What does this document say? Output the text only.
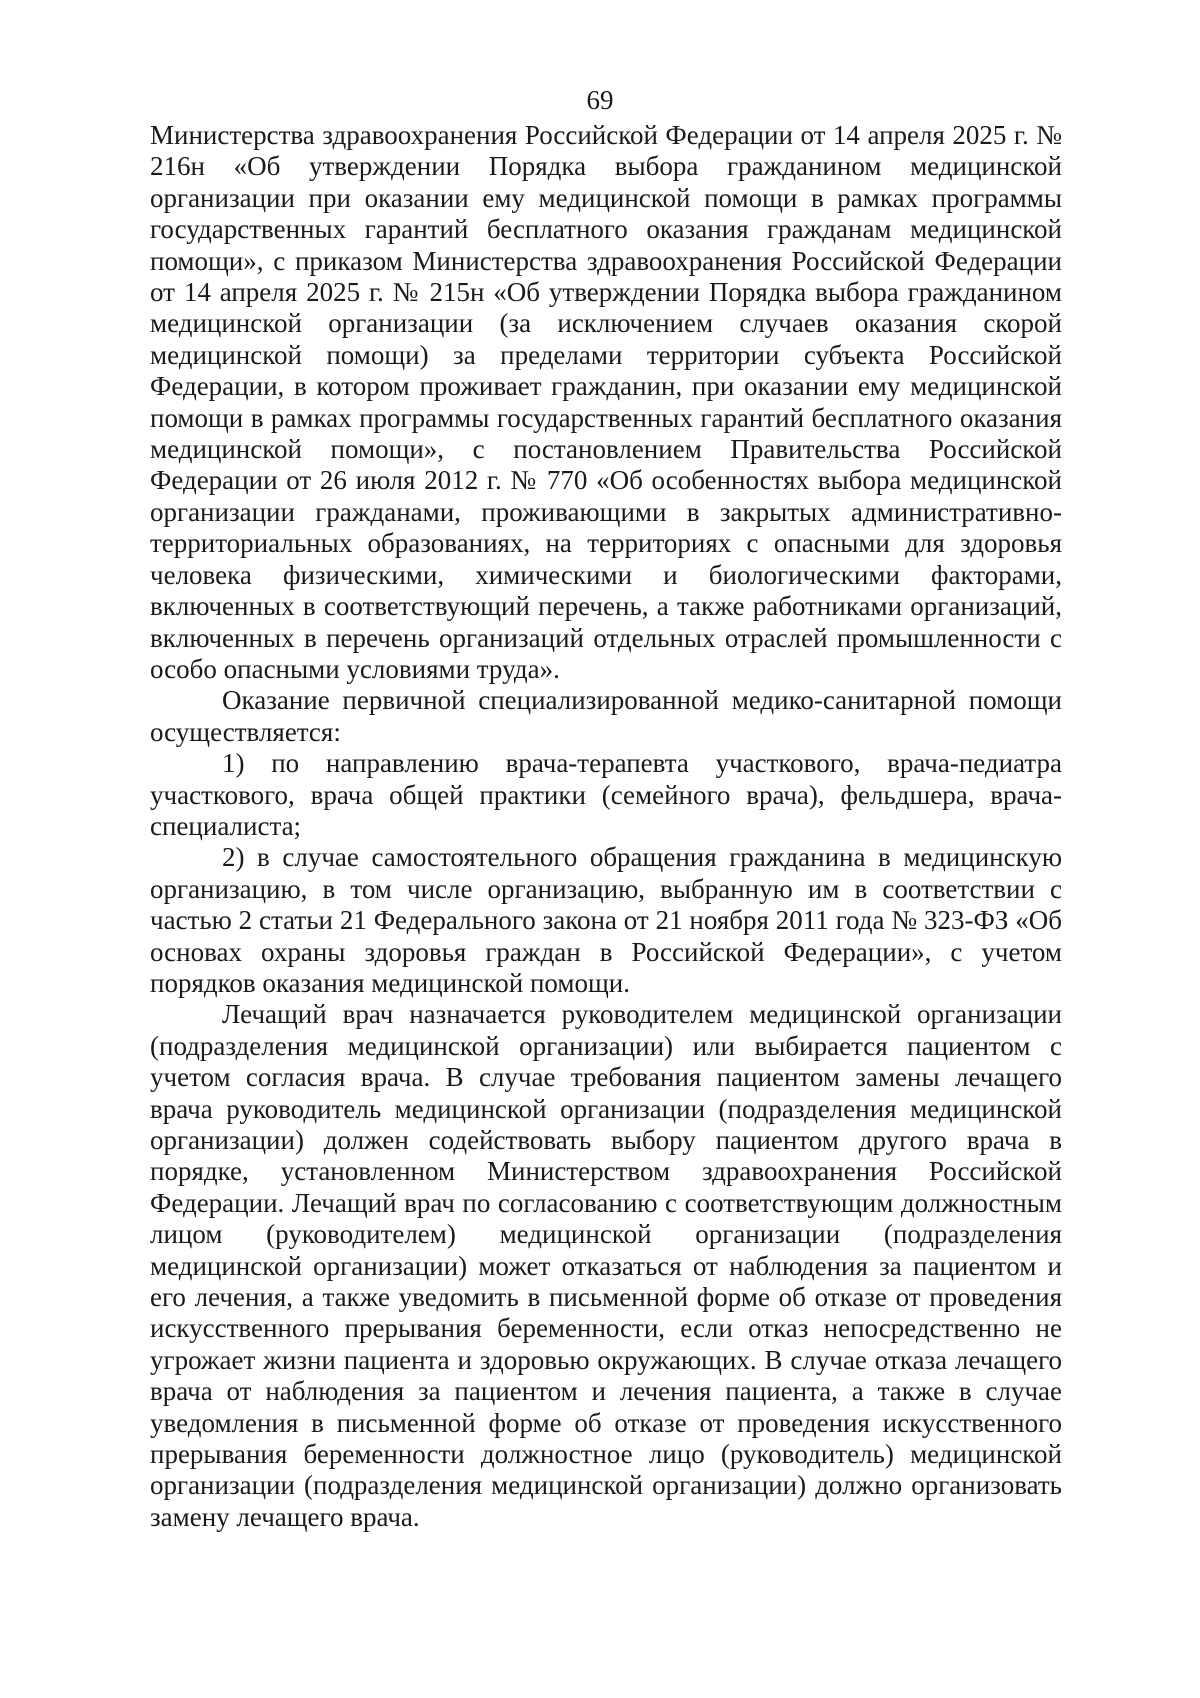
69

Министерства здравоохранения Российской Федерации от 14 апреля 2025 г. № 216н «Об утверждении Порядка выбора гражданином медицинской организации при оказании ему медицинской помощи в рамках программы государственных гарантий бесплатного оказания гражданам медицинской помощи», с приказом Министерства здравоохранения Российской Федерации от 14 апреля 2025 г. № 215н «Об утверждении Порядка выбора гражданином медицинской организации (за исключением случаев оказания скорой медицинской помощи) за пределами территории субъекта Российской Федерации, в котором проживает гражданин, при оказании ему медицинской помощи в рамках программы государственных гарантий бесплатного оказания медицинской помощи», с постановлением Правительства Российской Федерации от 26 июля 2012 г. № 770 «Об особенностях выбора медицинской организации гражданами, проживающими в закрытых административно-территориальных образованиях, на территориях с опасными для здоровья человека физическими, химическими и биологическими факторами, включенных в соответствующий перечень, а также работниками организаций, включенных в перечень организаций отдельных отраслей промышленности с особо опасными условиями труда».

Оказание первичной специализированной медико-санитарной помощи осуществляется:

1) по направлению врача-терапевта участкового, врача-педиатра участкового, врача общей практики (семейного врача), фельдшера, врача-специалиста;

2) в случае самостоятельного обращения гражданина в медицинскую организацию, в том числе организацию, выбранную им в соответствии с частью 2 статьи 21 Федерального закона от 21 ноября 2011 года № 323-ФЗ «Об основах охраны здоровья граждан в Российской Федерации», с учетом порядков оказания медицинской помощи.

Лечащий врач назначается руководителем медицинской организации (подразделения медицинской организации) или выбирается пациентом с учетом согласия врача. В случае требования пациентом замены лечащего врача руководитель медицинской организации (подразделения медицинской организации) должен содействовать выбору пациентом другого врача в порядке, установленном Министерством здравоохранения Российской Федерации. Лечащий врач по согласованию с соответствующим должностным лицом (руководителем) медицинской организации (подразделения медицинской организации) может отказаться от наблюдения за пациентом и его лечения, а также уведомить в письменной форме об отказе от проведения искусственного прерывания беременности, если отказ непосредственно не угрожает жизни пациента и здоровью окружающих. В случае отказа лечащего врача от наблюдения за пациентом и лечения пациента, а также в случае уведомления в письменной форме об отказе от проведения искусственного прерывания беременности должностное лицо (руководитель) медицинской организации (подразделения медицинской организации) должно организовать замену лечащего врача.
